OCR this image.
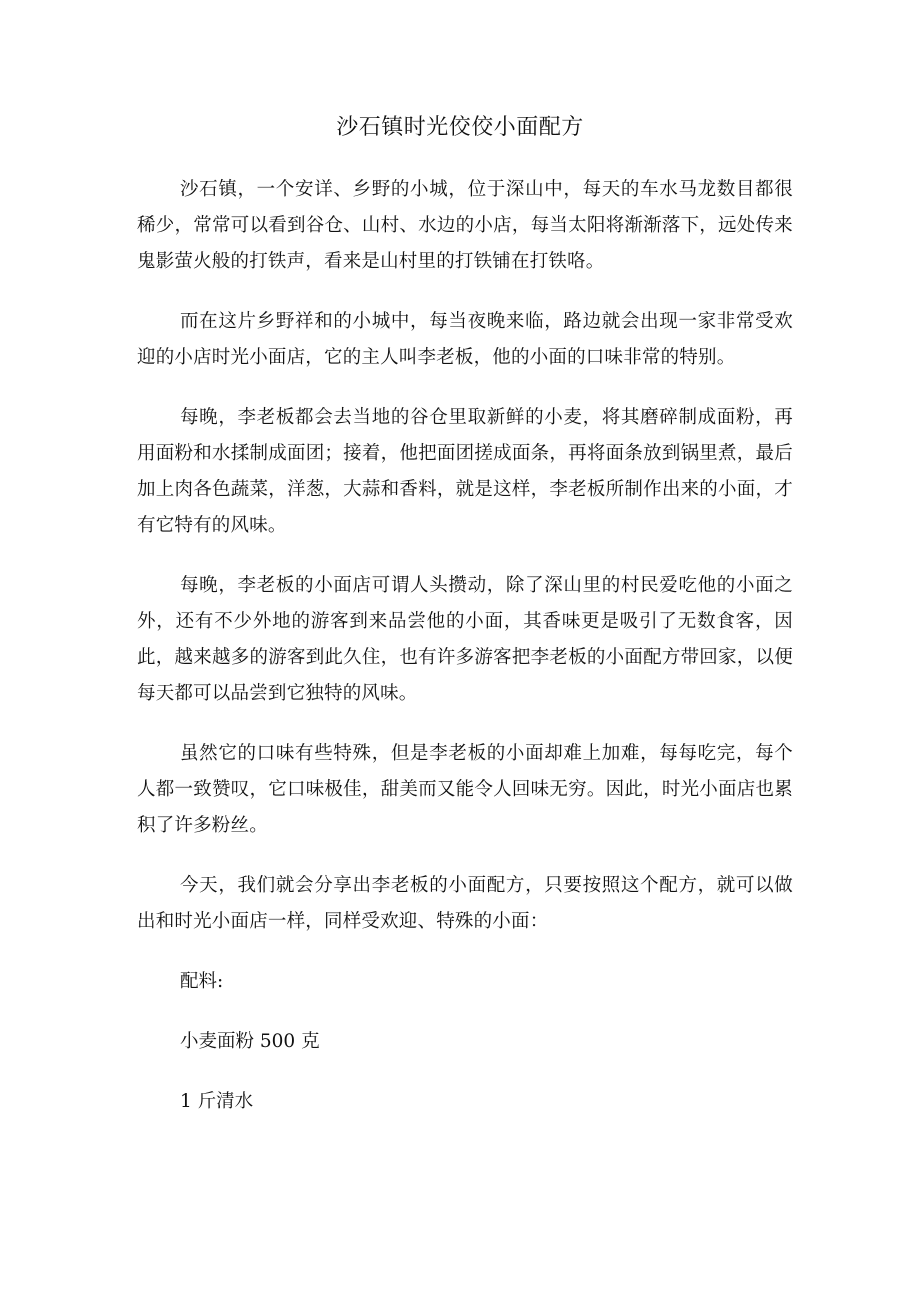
沙石镇时光佼佼小面配方

沙石镇，一个安详、乡野的小城，位于深山中，每天的车水马龙数目都很稀少，常常可以看到谷仓、山村、水边的小店，每当太阳将渐渐落下，远处传来鬼影萤火般的打铁声，看来是山村里的打铁铺在打铁咯。

而在这片乡野祥和的小城中，每当夜晚来临，路边就会出现一家非常受欢迎的小店时光小面店，它的主人叫李老板，他的小面的口味非常的特别。

每晚，李老板都会去当地的谷仓里取新鲜的小麦，将其磨碎制成面粉，再用面粉和水揉制成面团；接着，他把面团搓成面条，再将面条放到锅里煮，最后加上肉各色蔬菜，洋葱，大蒜和香料，就是这样，李老板所制作出来的小面，才有它特有的风味。

每晚，李老板的小面店可谓人头攒动，除了深山里的村民爱吃他的小面之外，还有不少外地的游客到来品尝他的小面，其香味更是吸引了无数食客，因此，越来越多的游客到此久住，也有许多游客把李老板的小面配方带回家，以便每天都可以品尝到它独特的风味。

虽然它的口味有些特殊，但是李老板的小面却难上加难，每每吃完，每个人都一致赞叹，它口味极佳，甜美而又能令人回味无穷。因此，时光小面店也累积了许多粉丝。

今天，我们就会分享出李老板的小面配方，只要按照这个配方，就可以做出和时光小面店一样，同样受欢迎、特殊的小面：

配料:
小麦面粉 500 克
1 斤清水
